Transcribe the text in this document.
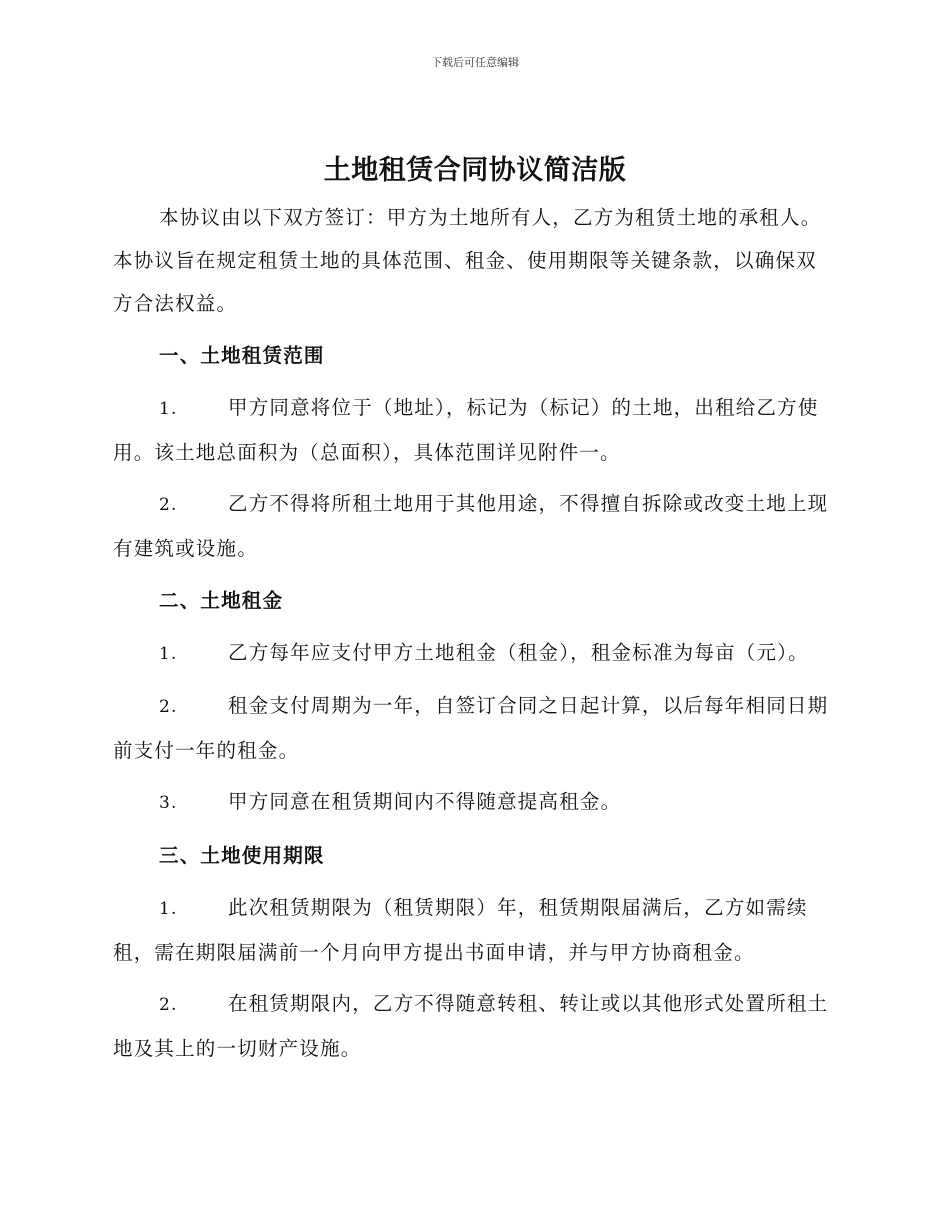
下载后可任意编辑
土地租赁合同协议简洁版

本协议由以下双方签订：甲方为土地所有人，乙方为租赁土地的承租人。本协议旨在规定租赁土地的具体范围、租金、使用期限等关键条款，以确保双方合法权益。

一、土地租赁范围

1.	甲方同意将位于（地址），标记为（标记）的土地，出租给乙方使用。该土地总面积为（总面积），具体范围详见附件一。

2.	乙方不得将所租土地用于其他用途，不得擅自拆除或改变土地上现有建筑或设施。

二、土地租金

1.	乙方每年应支付甲方土地租金（租金），租金标准为每亩（元）。

2.	租金支付周期为一年，自签订合同之日起计算，以后每年相同日期前支付一年的租金。

3.	甲方同意在租赁期间内不得随意提高租金。

三、土地使用期限

1.	此次租赁期限为（租赁期限）年，租赁期限届满后，乙方如需续租，需在期限届满前一个月向甲方提出书面申请，并与甲方协商租金。

2.	在租赁期限内，乙方不得随意转租、转让或以其他形式处置所租土地及其上的一切财产设施。
